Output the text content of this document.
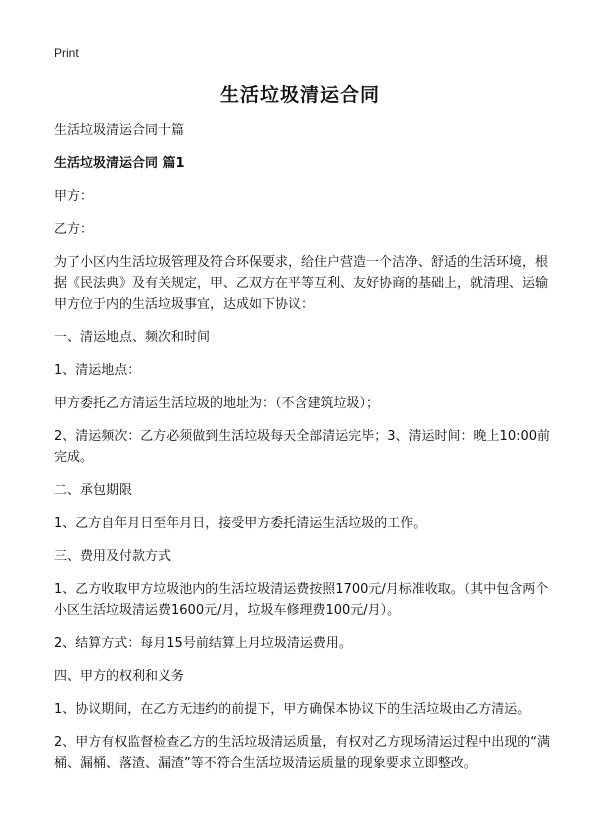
Print
生活垃圾清运合同

生活垃圾清运合同十篇

生活垃圾清运合同 篇1

甲方：

乙方：

为了小区内生活垃圾管理及符合环保要求，给住户营造一个洁净、舒适的生活环境，根据《民法典》及有关规定，甲、乙双方在平等互利、友好协商的基础上，就清理、运输甲方位于内的生活垃圾事宜，达成如下协议：

一、清运地点、频次和时间

1、清运地点：

甲方委托乙方清运生活垃圾的地址为：（不含建筑垃圾）；

2、清运频次：乙方必须做到生活垃圾每天全部清运完毕；3、清运时间：晚上10:00前完成。

二、承包期限

1、乙方自年月日至年月日，接受甲方委托清运生活垃圾的工作。

三、费用及付款方式

1、乙方收取甲方垃圾池内的生活垃圾清运费按照1700元/月标准收取。（其中包含两个小区生活垃圾清运费1600元/月，垃圾车修理费100元/月）。

2、结算方式：每月15号前结算上月垃圾清运费用。

四、甲方的权利和义务

1、协议期间，在乙方无违约的前提下，甲方确保本协议下的生活垃圾由乙方清运。

2、甲方有权监督检查乙方的生活垃圾清运质量，有权对乙方现场清运过程中出现的“满桶、漏桶、落渣、漏渣”等不符合生活垃圾清运质量的现象要求立即整改。
